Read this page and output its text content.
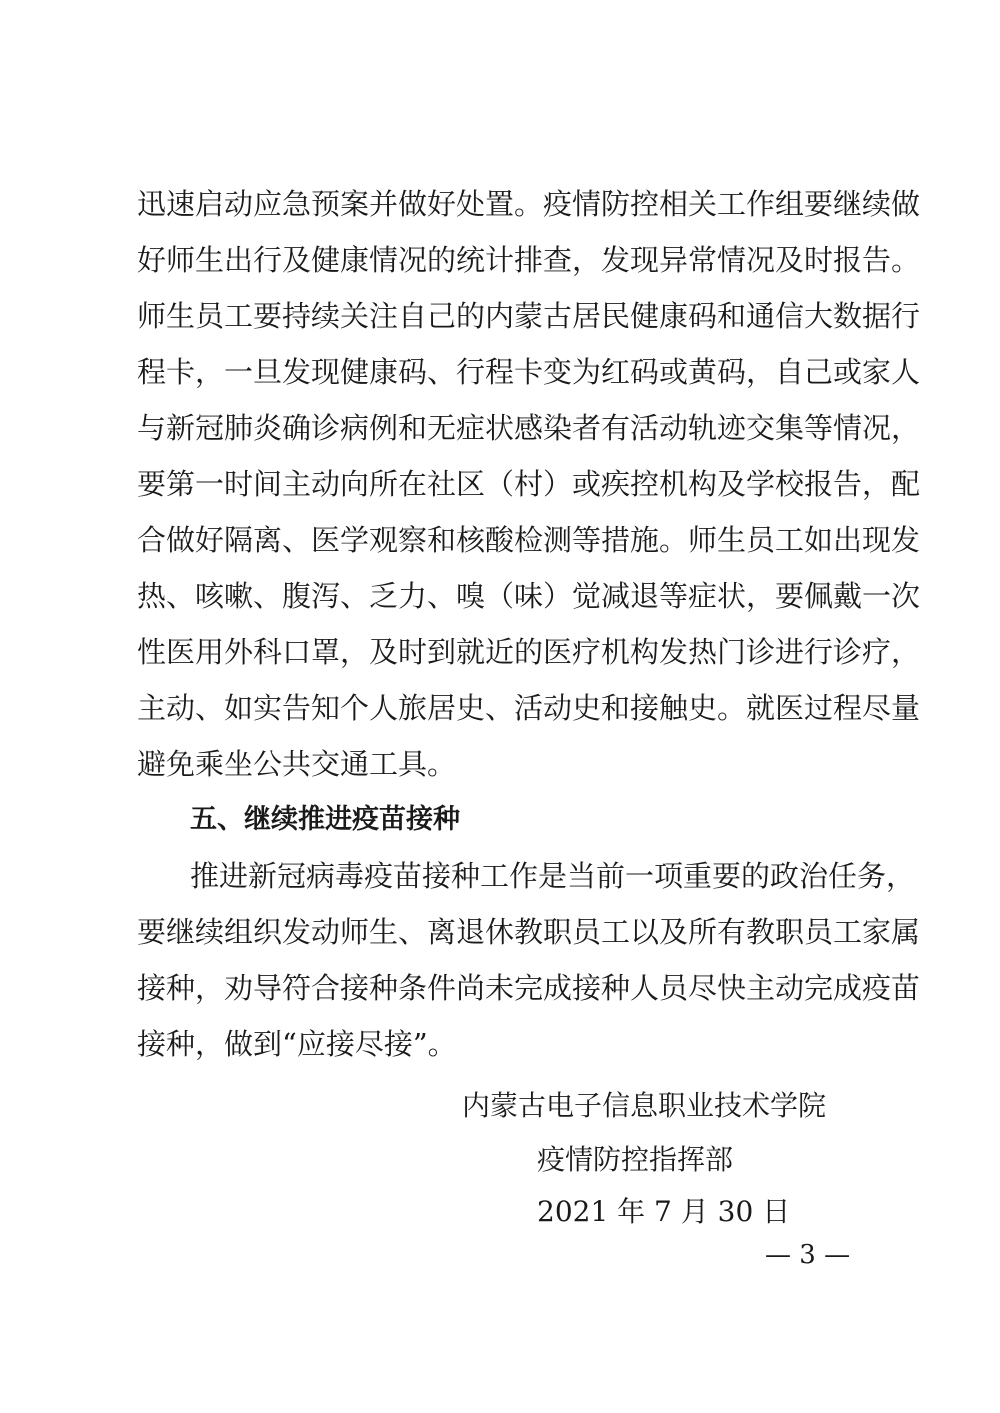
迅速启动应急预案并做好处置。疫情防控相关工作组要继续做
好师生出行及健康情况的统计排查，发现异常情况及时报告。
师生员工要持续关注自己的内蒙古居民健康码和通信大数据行
程卡，一旦发现健康码、行程卡变为红码或黄码，自己或家人
与新冠肺炎确诊病例和无症状感染者有活动轨迹交集等情况，
要第一时间主动向所在社区（村）或疾控机构及学校报告，配
合做好隔离、医学观察和核酸检测等措施。师生员工如出现发
热、咳嗽、腹泻、乏力、嗅（味）觉减退等症状，要佩戴一次
性医用外科口罩，及时到就近的医疗机构发热门诊进行诊疗，
主动、如实告知个人旅居史、活动史和接触史。就医过程尽量
避免乘坐公共交通工具。
五、继续推进疫苗接种
推进新冠病毒疫苗接种工作是当前一项重要的政治任务，
要继续组织发动师生、离退休教职员工以及所有教职员工家属
接种，劝导符合接种条件尚未完成接种人员尽快主动完成疫苗
接种，做到“应接尽接”。
内蒙古电子信息职业技术学院
疫情防控指挥部
2021 年 7 月 30 日
— 3 —
